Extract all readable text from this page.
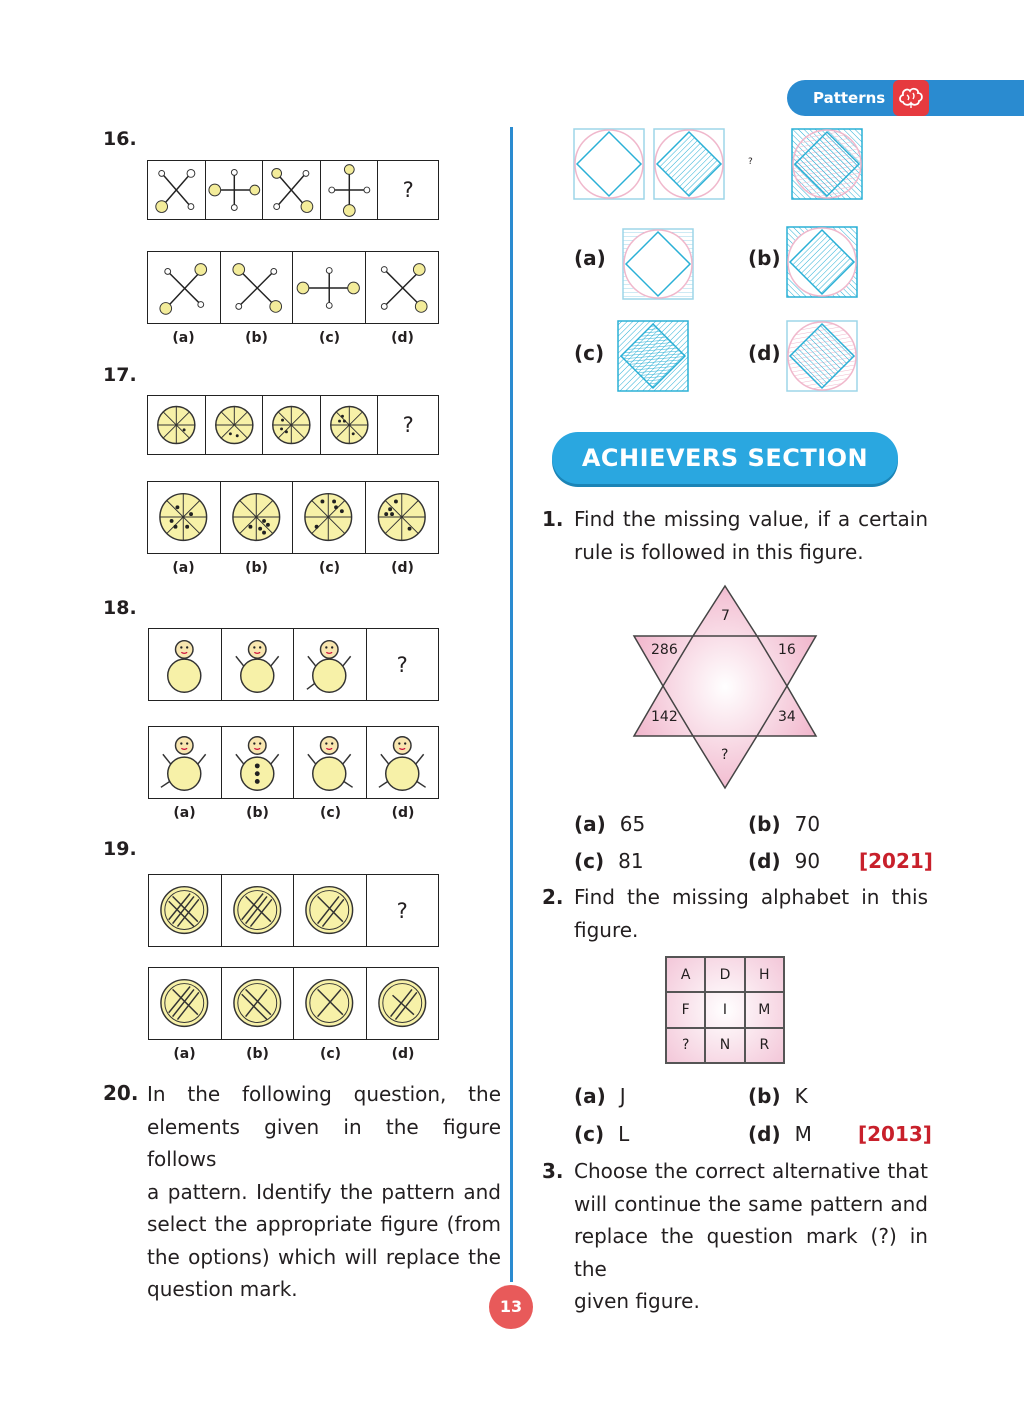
Patterns
16.
?
(a)	(b)	(c)	(d)
17.
?
(a)	(b)	(c)	(d)
18.
?
(a)	(b)	(c)	(d)
19.
?
(a)	(b)	(c)	(d)
20. In the following question, the
elements given in the figure follows
a pattern. Identify the pattern and
select the appropriate figure (from
the options) which will replace the
question mark.
?
(a)	(b)
(c)	(d)
ACHIEVERS SECTION
1. Find the missing value, if a certain
rule is followed in this figure.
7
286	16
142	34
?
(a) 65	(b) 70
(c) 81	(d) 90 [2021]
2. Find the missing alphabet in this
figure.
A	D	H
F	I	M
?	N	R
(a) J	(b) K
(c) L	(d) M [2013]
3. Choose the correct alternative that
will continue the same pattern and
replace the question mark (?) in the
given figure.
13
